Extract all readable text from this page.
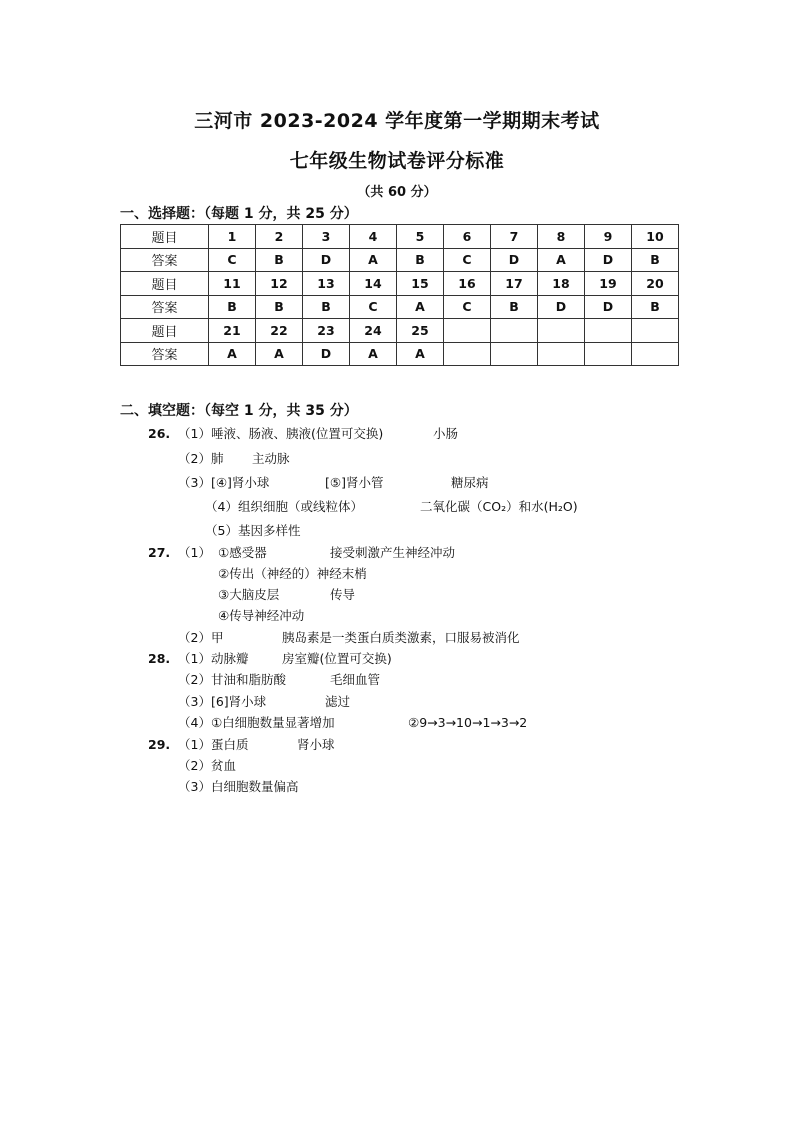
三河市 2023-2024 学年度第一学期期末考试
七年级生物试卷评分标准
（共 60 分）
一、选择题：（每题 1 分，共 25 分）
题目	1	2	3	4	5	6	7	8	9	10
答案	C	B	D	A	B	C	D	A	D	B
题目	11	12	13	14	15	16	17	18	19	20
答案	B	B	B	C	A	C	B	D	D	B
题目	21	22	23	24	25					
答案	A	A	D	A	A					
二、填空题：（每空 1 分，共 35 分）
26. （1）唾液、肠液、胰液(位置可交换)	小肠
（2）肺 主动脉
（3）[④]肾小球	[⑤]肾小管	糖尿病
（4）组织细胞（或线粒体）	二氧化碳（CO₂）和水(H₂O)
（5）基因多样性
27. （1） ①感受器	接受刺激产生神经冲动
②传出（神经的）神经末梢
③大脑皮层	传导
④传导神经冲动
（2）甲	胰岛素是一类蛋白质类激素，口服易被消化
28. （1）动脉瓣	房室瓣(位置可交换)
（2）甘油和脂肪酸	毛细血管
（3）[6]肾小球	滤过
（4）①白细胞数量显著增加	②9→3→10→1→3→2
29. （1）蛋白质	肾小球
（2）贫血
（3）白细胞数量偏高
